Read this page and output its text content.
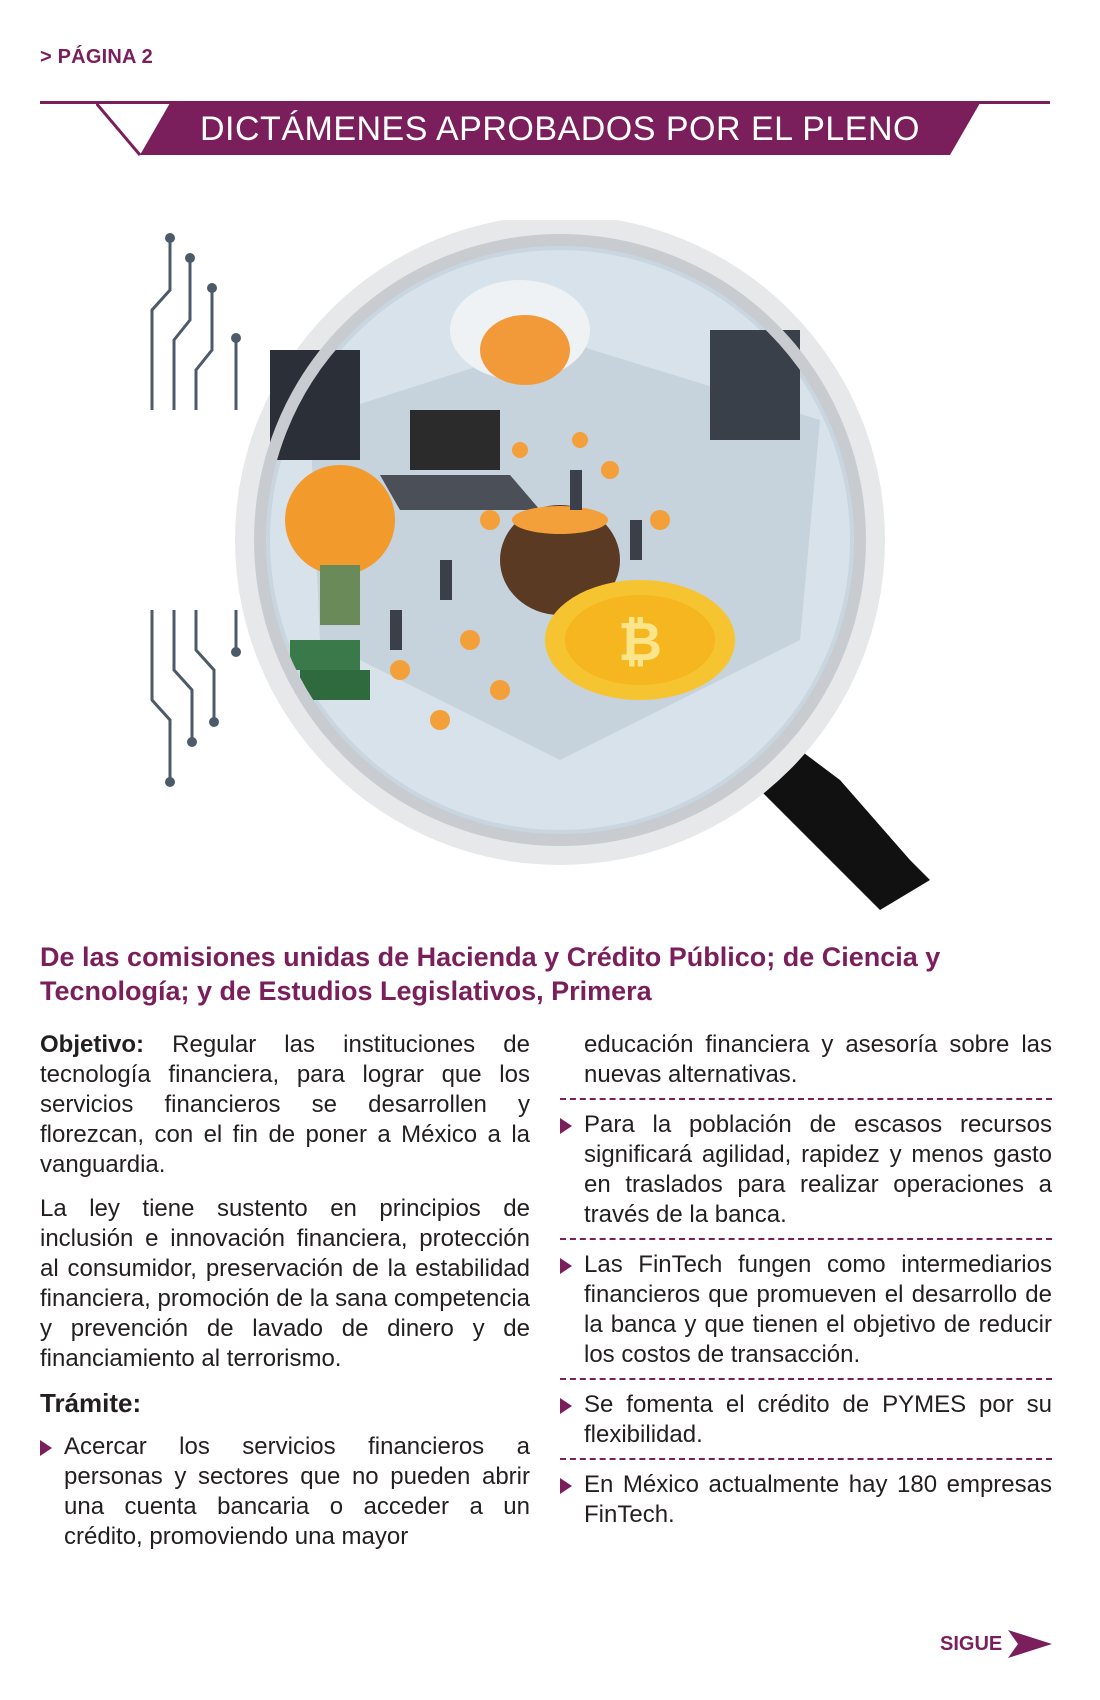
> PÁGINA 2
DICTÁMENES APROBADOS POR EL PLENO
₿
De las comisiones unidas de Hacienda y Crédito Público; de Ciencia y Tecnología; y de Estudios Legislativos, Primera

Objetivo: Regular las instituciones de tecnología financiera, para lograr que los servicios financieros se desarrollen y florezcan, con el fin de poner a México a la vanguardia.

La ley tiene sustento en principios de inclusión e innovación financiera, protección al consumidor, preservación de la estabilidad financiera, promoción de la sana competencia y prevención de lavado de dinero y de financiamiento al terrorismo.

Trámite:

Acercar los servicios financieros a personas y sectores que no pueden abrir una cuenta bancaria o acceder a un crédito, promoviendo una mayor

educación financiera y asesoría sobre las nuevas alternativas.

Para la población de escasos recursos significará agilidad, rapidez y menos gasto en traslados para realizar operaciones a través de la banca.

Las FinTech fungen como intermediarios financieros que promueven el desarrollo de la banca y que tienen el objetivo de reducir los costos de transacción.

Se fomenta el crédito de PYMES por su flexibilidad.

En México actualmente hay 180 empresas FinTech.

SIGUE
